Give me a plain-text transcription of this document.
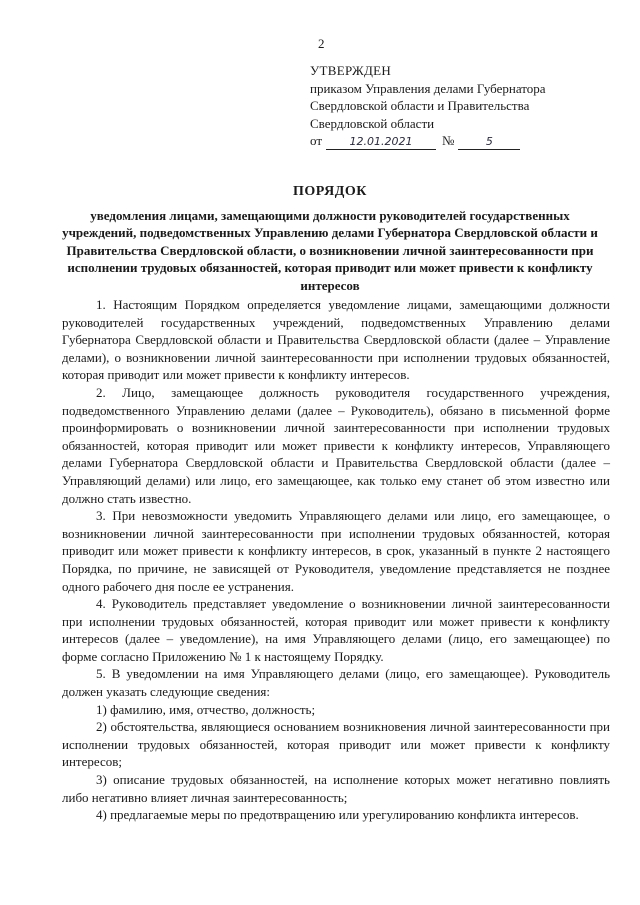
2
УТВЕРЖДЕН
приказом Управления делами Губернатора
Свердловской области и Правительства
Свердловской области
от	12.01.2021	№	5
ПОРЯДОК
уведомления лицами, замещающими должности руководителей государственных учреждений, подведомственных Управлению делами Губернатора Свердловской области и Правительства Свердловской области, о возникновении личной заинтересованности при исполнении трудовых обязанностей, которая приводит или может привести к конфликту интересов

1. Настоящим Порядком определяется уведомление лицами, замещающими должности руководителей государственных учреждений, подведомственных Управлению делами Губернатора Свердловской области и Правительства Свердловской области (далее – Управление делами), о возникновении личной заинтересованности при исполнении трудовых обязанностей, которая приводит или может привести к конфликту интересов.

2. Лицо, замещающее должность руководителя государственного учреждения, подведомственного Управлению делами (далее – Руководитель), обязано в письменной форме проинформировать о возникновении личной заинтересованности при исполнении трудовых обязанностей, которая приводит или может привести к конфликту интересов, Управляющего делами Губернатора Свердловской области и Правительства Свердловской области (далее –Управляющий делами) или лицо, его замещающее, как только ему станет об этом известно или должно стать известно.

3. При невозможности уведомить Управляющего делами или лицо, его замещающее, о возникновении личной заинтересованности при исполнении трудовых обязанностей, которая приводит или может привести к конфликту интересов, в срок, указанный в пункте 2 настоящего Порядка, по причине, не зависящей от Руководителя, уведомление представляется не позднее одного рабочего дня после ее устранения.

4. Руководитель представляет уведомление о возникновении личной заинтересованности при исполнении трудовых обязанностей, которая приводит или может привести к конфликту интересов (далее – уведомление), на имя Управляющего делами (лицо, его замещающее) по форме согласно Приложению № 1 к настоящему Порядку.

5. В уведомлении на имя Управляющего делами (лицо, его замещающее). Руководитель должен указать следующие сведения:

1) фамилию, имя, отчество, должность;

2) обстоятельства, являющиеся основанием возникновения личной заинтересованности при исполнении трудовых обязанностей, которая приводит или может привести к конфликту интересов;

3) описание трудовых обязанностей, на исполнение которых может негативно повлиять либо негативно влияет личная заинтересованность;

4) предлагаемые меры по предотвращению или урегулированию конфликта интересов.
